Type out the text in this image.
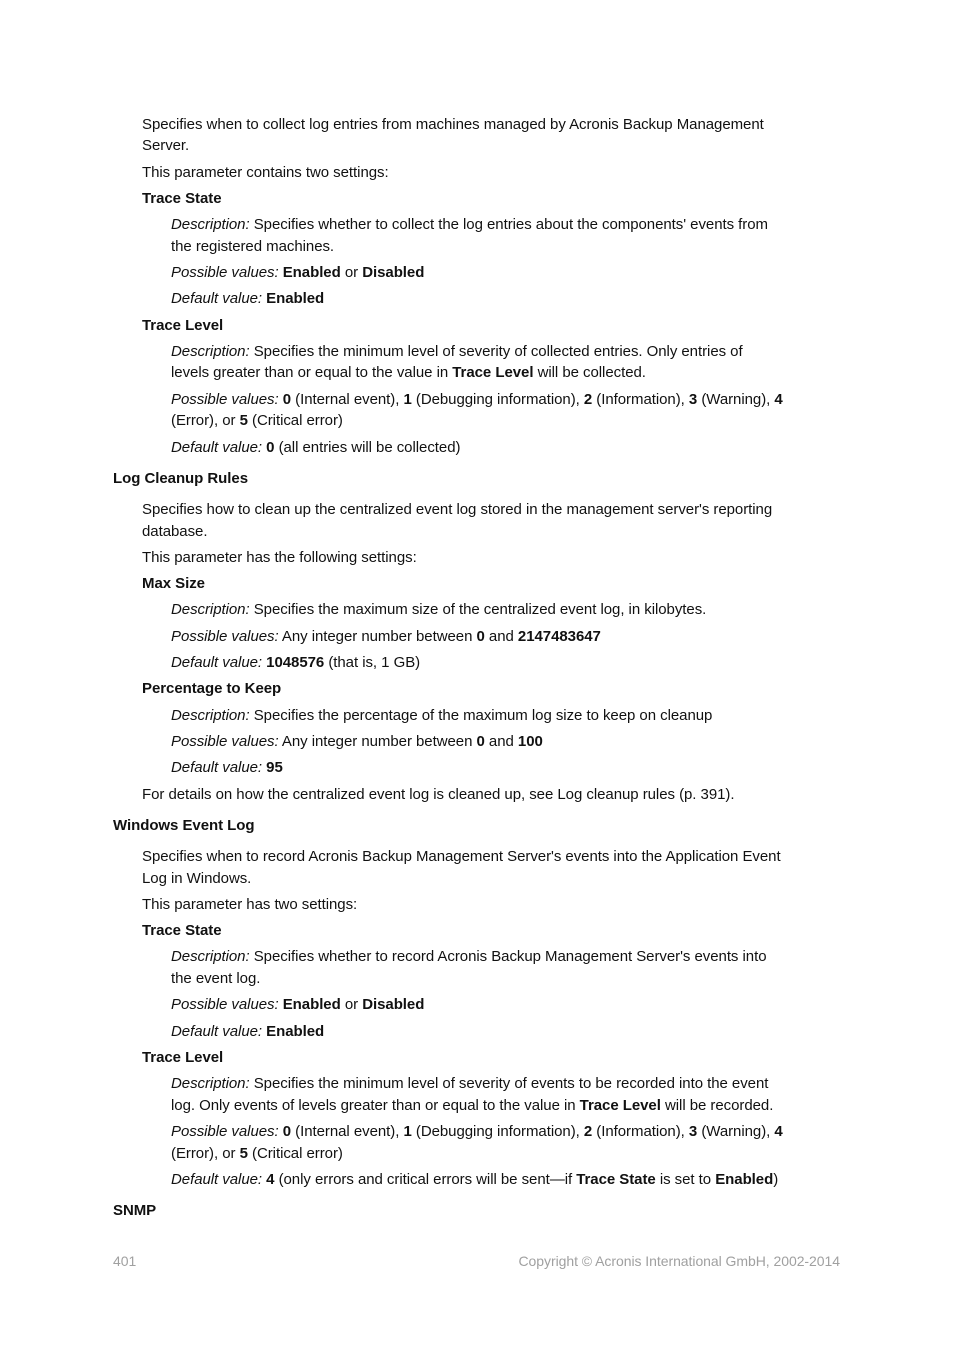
Specifies when to collect log entries from machines managed by Acronis Backup Management
Server.
This parameter contains two settings:
Trace State
Description: Specifies whether to collect the log entries about the components' events from
the registered machines.
Possible values: Enabled or Disabled
Default value: Enabled
Trace Level
Description: Specifies the minimum level of severity of collected entries. Only entries of
levels greater than or equal to the value in Trace Level will be collected.
Possible values: 0 (Internal event), 1 (Debugging information), 2 (Information), 3 (Warning), 4
(Error), or 5 (Critical error)
Default value: 0 (all entries will be collected)
Log Cleanup Rules
Specifies how to clean up the centralized event log stored in the management server's reporting
database.
This parameter has the following settings:
Max Size
Description: Specifies the maximum size of the centralized event log, in kilobytes.
Possible values: Any integer number between 0 and 2147483647
Default value: 1048576 (that is, 1 GB)
Percentage to Keep
Description: Specifies the percentage of the maximum log size to keep on cleanup
Possible values: Any integer number between 0 and 100
Default value: 95
For details on how the centralized event log is cleaned up, see Log cleanup rules (p. 391).
Windows Event Log
Specifies when to record Acronis Backup Management Server's events into the Application Event
Log in Windows.
This parameter has two settings:
Trace State
Description: Specifies whether to record Acronis Backup Management Server's events into
the event log.
Possible values: Enabled or Disabled
Default value: Enabled
Trace Level
Description: Specifies the minimum level of severity of events to be recorded into the event
log. Only events of levels greater than or equal to the value in Trace Level will be recorded.
Possible values: 0 (Internal event), 1 (Debugging information), 2 (Information), 3 (Warning), 4
(Error), or 5 (Critical error)
Default value: 4 (only errors and critical errors will be sent—if Trace State is set to Enabled)
SNMP
401	Copyright © Acronis International GmbH, 2002-2014
